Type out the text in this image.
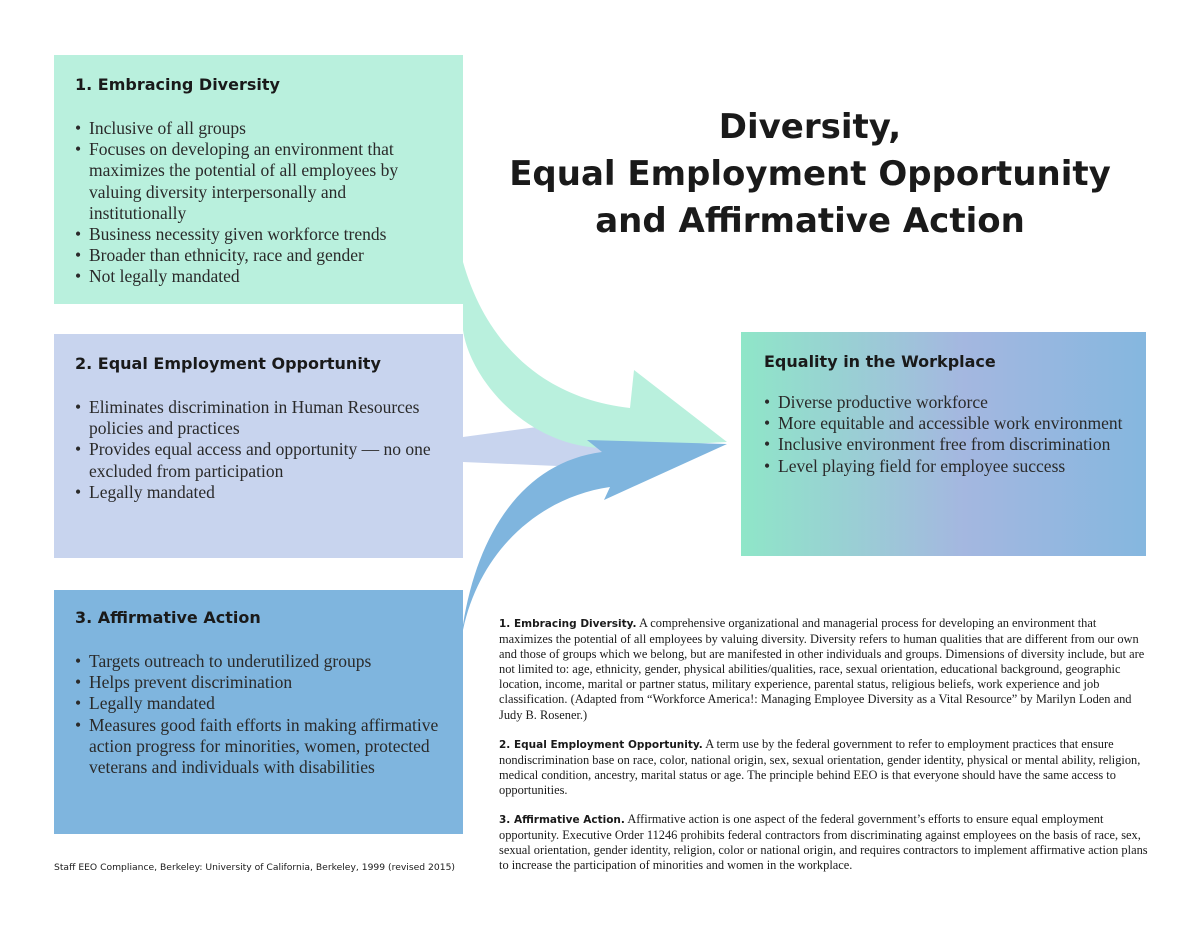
Diversity,
Equal Employment Opportunity
and Affirmative Action
1. Embracing Diversity
• Inclusive of all groups
• Focuses on developing an environment that maximizes the potential of all employees by valuing diversity interpersonally and institutionally
• Business necessity given workforce trends
• Broader than ethnicity, race and gender
• Not legally mandated
2. Equal Employment Opportunity
• Eliminates discrimination in Human Resources policies and practices
• Provides equal access and opportunity — no one excluded from participation
• Legally mandated
3. Affirmative Action
• Targets outreach to underutilized groups
• Helps prevent discrimination
• Legally mandated
• Measures good faith efforts in making affirmative action progress for minorities, women, protected veterans and individuals with disabilities
Equality in the Workplace
• Diverse productive workforce
• More equitable and accessible work environment
• Inclusive environment free from discrimination
• Level playing field for employee success

1. Embracing Diversity. A comprehensive organizational and managerial process for developing an environment that maximizes the potential of all employees by valuing diversity. Diversity refers to human qualities that are different from our own and those of groups which we belong, but are manifested in other individuals and groups. Dimensions of diversity include, but are not limited to: age, ethnicity, gender, physical abilities/qualities, race, sexual orientation, educational background, geographic location, income, marital or partner status, military experience, parental status, religious beliefs, work experience and job classification. (Adapted from “Workforce America!: Managing Employee Diversity as a Vital Resource” by Marilyn Loden and Judy B. Rosener.)

2. Equal Employment Opportunity. A term use by the federal government to refer to employment practices that ensure nondiscrimination base on race, color, national origin, sex, sexual orientation, gender identity, physical or mental ability, religion, medical condition, ancestry, marital status or age. The principle behind EEO is that everyone should have the same access to opportunities.

3. Affirmative Action. Affirmative action is one aspect of the federal government’s efforts to ensure equal employment opportunity. Executive Order 11246 prohibits federal contractors from discriminating against employees on the basis of race, sex, sexual orientation, gender identity, religion, color or national origin, and requires contractors to implement affirmative action plans to increase the participation of minorities and women in the workplace.

Staff EEO Compliance, Berkeley: University of California, Berkeley, 1999 (revised 2015)
